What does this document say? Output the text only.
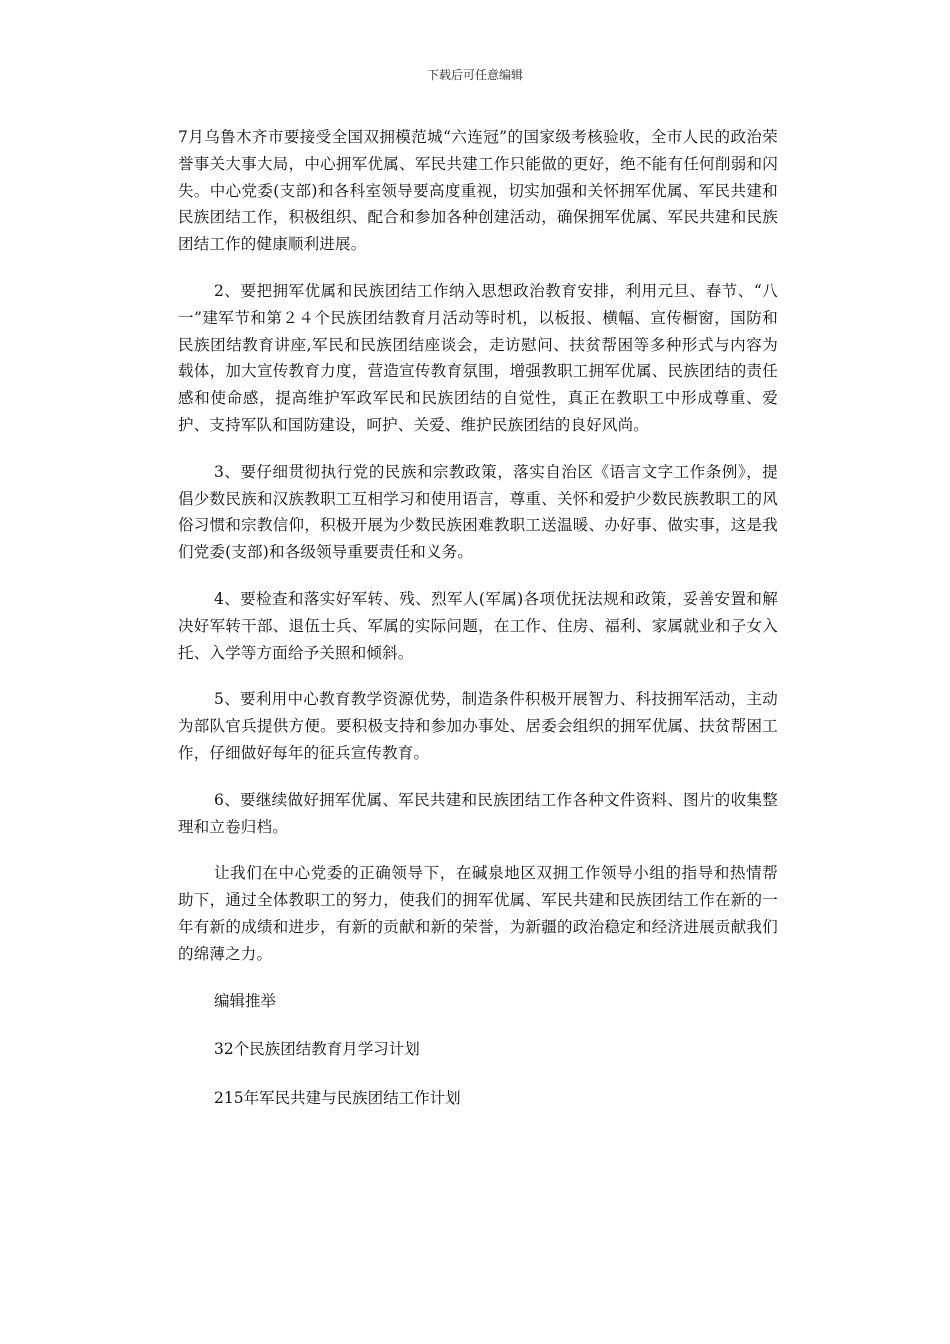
下载后可任意编辑

7月乌鲁木齐市要接受全国双拥模范城“六连冠”的国家级考核验收，全市人民的政治荣誉事关大事大局，中心拥军优属、军民共建工作只能做的更好，绝不能有任何削弱和闪失。中心党委(支部)和各科室领导要高度重视，切实加强和关怀拥军优属、军民共建和民族团结工作，积极组织、配合和参加各种创建活动，确保拥军优属、军民共建和民族团结工作的健康顺利进展。

2、要把拥军优属和民族团结工作纳入思想政治教育安排，利用元旦、春节、“八一”建军节和第２４个民族团结教育月活动等时机，以板报、横幅、宣传橱窗，国防和民族团结教育讲座,军民和民族团结座谈会，走访慰问、扶贫帮困等多种形式与内容为载体，加大宣传教育力度，营造宣传教育氛围，增强教职工拥军优属、民族团结的责任感和使命感，提高维护军政军民和民族团结的自觉性，真正在教职工中形成尊重、爱护、支持军队和国防建设，呵护、关爱、维护民族团结的良好风尚。

3、要仔细贯彻执行党的民族和宗教政策，落实自治区《语言文字工作条例》，提倡少数民族和汉族教职工互相学习和使用语言，尊重、关怀和爱护少数民族教职工的风俗习惯和宗教信仰，积极开展为少数民族困难教职工送温暖、办好事、做实事，这是我们党委(支部)和各级领导重要责任和义务。

4、要检查和落实好军转、残、烈军人(军属)各项优抚法规和政策，妥善安置和解决好军转干部、退伍士兵、军属的实际问题，在工作、住房、福利、家属就业和子女入托、入学等方面给予关照和倾斜。

5、要利用中心教育教学资源优势，制造条件积极开展智力、科技拥军活动，主动为部队官兵提供方便。要积极支持和参加办事处、居委会组织的拥军优属、扶贫帮困工作，仔细做好每年的征兵宣传教育。

6、要继续做好拥军优属、军民共建和民族团结工作各种文件资料、图片的收集整理和立卷归档。

让我们在中心党委的正确领导下，在碱泉地区双拥工作领导小组的指导和热情帮助下，通过全体教职工的努力，使我们的拥军优属、军民共建和民族团结工作在新的一年有新的成绩和进步，有新的贡献和新的荣誉，为新疆的政治稳定和经济进展贡献我们的绵薄之力。

编辑推举

32个民族团结教育月学习计划

215年军民共建与民族团结工作计划
